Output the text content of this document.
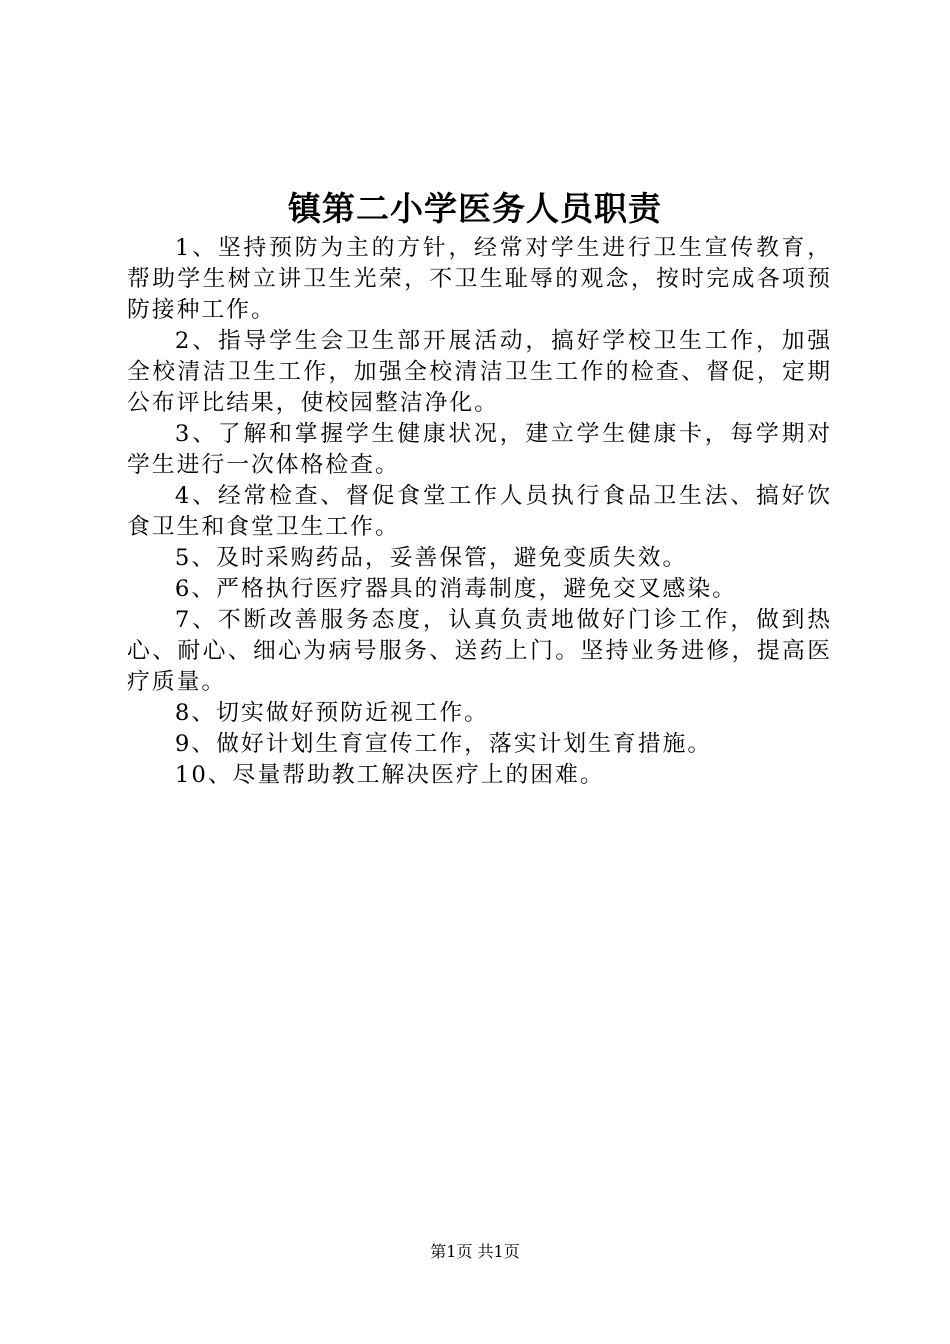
镇第二小学医务人员职责

1、坚持预防为主的方针，经常对学生进行卫生宣传教育，帮助学生树立讲卫生光荣，不卫生耻辱的观念，按时完成各项预防接种工作。

2、指导学生会卫生部开展活动，搞好学校卫生工作，加强全校清洁卫生工作，加强全校清洁卫生工作的检查、督促，定期公布评比结果，使校园整洁净化。

3、了解和掌握学生健康状况，建立学生健康卡，每学期对学生进行一次体格检查。

4、经常检查、督促食堂工作人员执行食品卫生法、搞好饮食卫生和食堂卫生工作。

5、及时采购药品，妥善保管，避免变质失效。

6、严格执行医疗器具的消毒制度，避免交叉感染。

7、不断改善服务态度，认真负责地做好门诊工作，做到热心、耐心、细心为病号服务、送药上门。坚持业务进修，提高医疗质量。

8、切实做好预防近视工作。

9、做好计划生育宣传工作，落实计划生育措施。

10、尽量帮助教工解决医疗上的困难。

第1页 共1页
